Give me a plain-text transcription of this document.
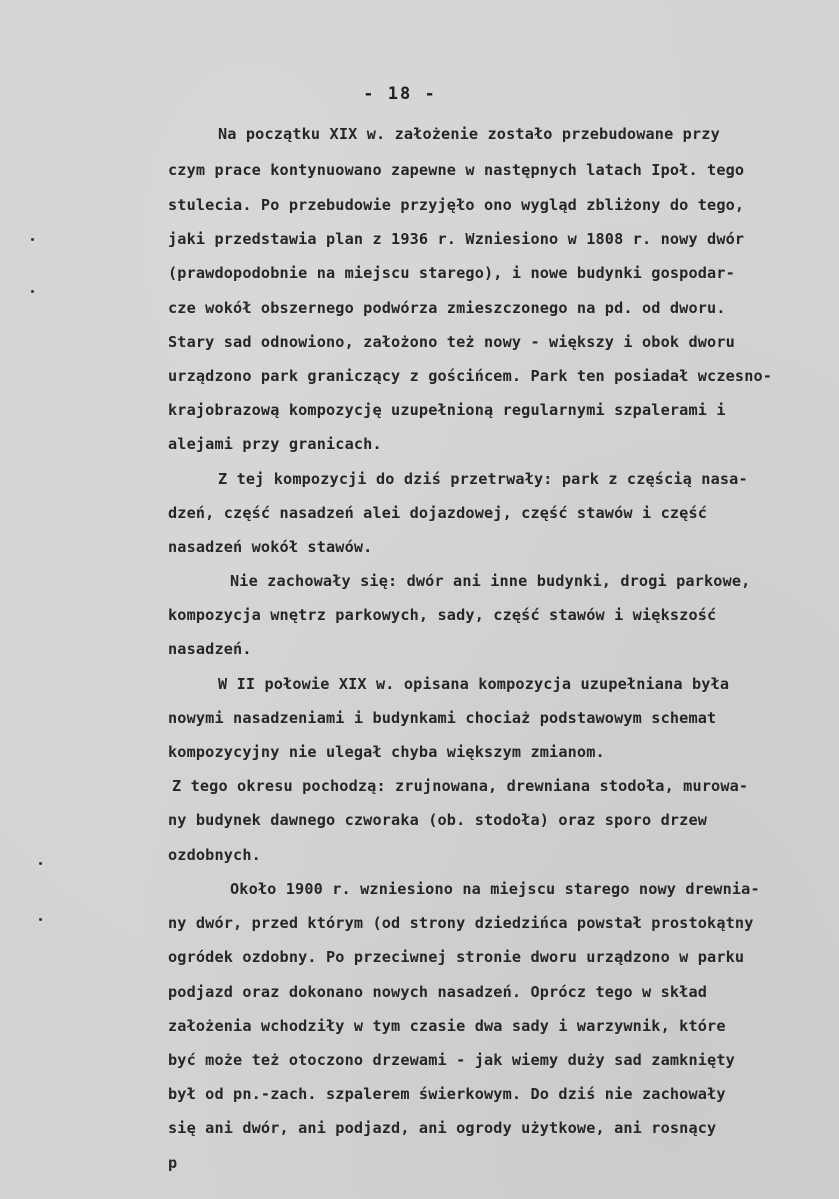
- 18 -
Na początku XIX w. założenie zostało przebudowane przy
czym prace kontynuowano zapewne w następnych latach Ipoł. tego
stulecia. Po przebudowie przyjęło ono wygląd zbliżony do tego,
jaki przedstawia plan z 1936 r. Wzniesiono w 1808 r. nowy dwór
(prawdopodobnie na miejscu starego), i nowe budynki gospodar-
cze wokół obszernego podwórza zmieszczonego na pd. od dworu.
Stary sad odnowiono, założono też nowy - większy i obok dworu
urządzono park graniczący z gościńcem. Park ten posiadał wczesno-
krajobrazową kompozycję uzupełnioną regularnymi szpalerami i
alejami przy granicach.
Z tej kompozycji do dziś przetrwały: park z częścią nasa-
dzeń, część nasadzeń alei dojazdowej, część stawów i część
nasadzeń wokół stawów.
Nie zachowały się: dwór ani inne budynki, drogi parkowe,
kompozycja wnętrz parkowych, sady, część stawów i większość
nasadzeń.
W II połowie XIX w. opisana kompozycja uzupełniana była
nowymi nasadzeniami i budynkami chociaż podstawowym schemat
kompozycyjny nie ulegał chyba większym zmianom.
Z tego okresu pochodzą: zrujnowana, drewniana stodoła, murowa-
ny budynek dawnego czworaka (ob. stodoła) oraz sporo drzew
ozdobnych.
Około 1900 r. wzniesiono na miejscu starego nowy drewnia-
ny dwór, przed którym (od strony dziedzińca powstał prostokątny
ogródek ozdobny. Po przeciwnej stronie dworu urządzono w parku
podjazd oraz dokonano nowych nasadzeń. Oprócz tego w skład
założenia wchodziły w tym czasie dwa sady i warzywnik, które
być może też otoczono drzewami - jak wiemy duży sad zamknięty
był od pn.-zach. szpalerem świerkowym. Do dziś nie zachowały
się ani dwór, ani podjazd, ani ogrody użytkowe, ani rosnący
p
